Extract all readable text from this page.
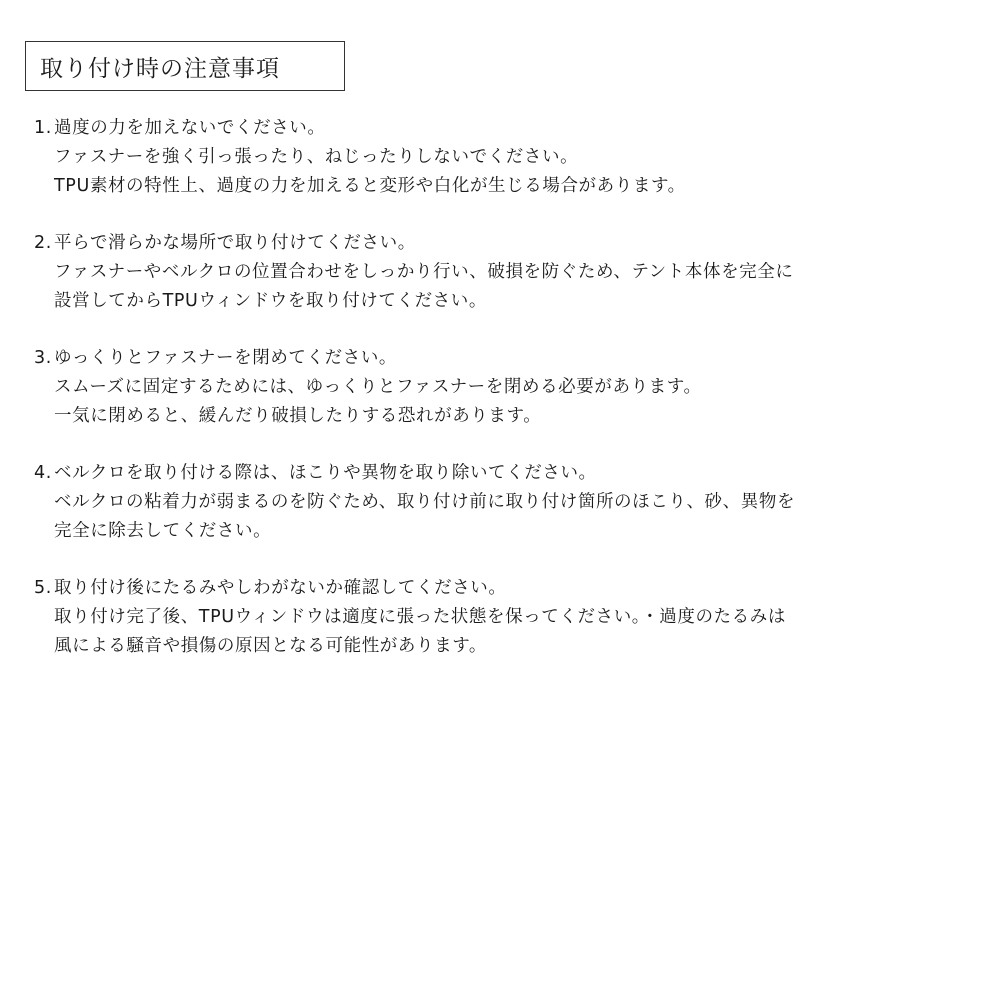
取り付け時の注意事項
1. 過度の力を加えないでください。
ファスナーを強く引っ張ったり、ねじったりしないでください。
TPU素材の特性上、過度の力を加えると変形や白化が生じる場合があります。
2. 平らで滑らかな場所で取り付けてください。
ファスナーやベルクロの位置合わせをしっかり行い、破損を防ぐため、テント本体を完全に
設営してからTPUウィンドウを取り付けてください。
3. ゆっくりとファスナーを閉めてください。
スムーズに固定するためには、ゆっくりとファスナーを閉める必要があります。
一気に閉めると、緩んだり破損したりする恐れがあります。
4. ベルクロを取り付ける際は、ほこりや異物を取り除いてください。
ベルクロの粘着力が弱まるのを防ぐため、取り付け前に取り付け箇所のほこり、砂、異物を
完全に除去してください。
5. 取り付け後にたるみやしわがないか確認してください。
取り付け完了後、TPUウィンドウは適度に張った状態を保ってください。・過度のたるみは
風による騒音や損傷の原因となる可能性があります。
